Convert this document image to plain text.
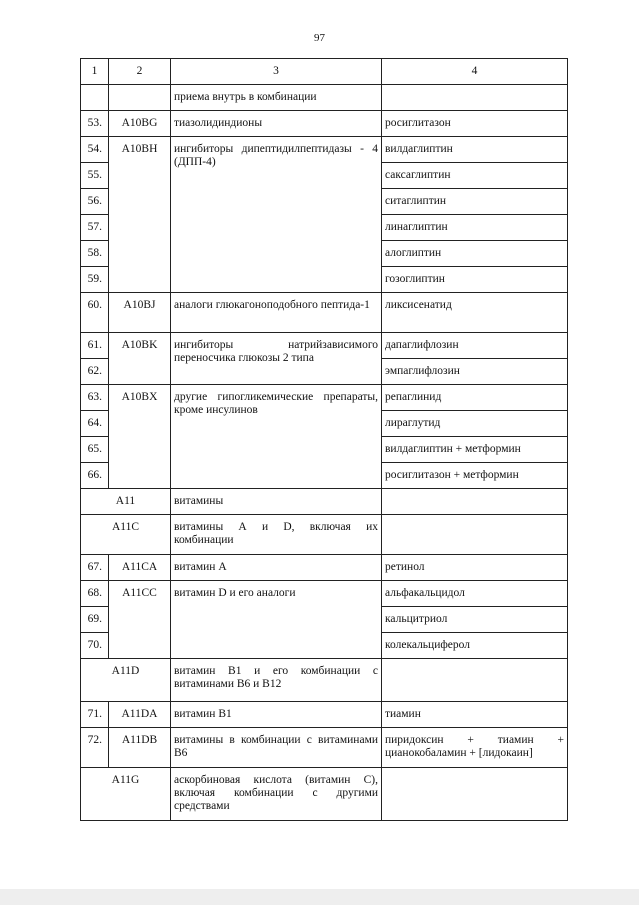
97
1	2	3	4
		приема внутрь в комбинации	
53.	A10BG	тиазолидиндионы	росиглитазон
54.	A10BH	ингибиторы дипептидилпептидазы - 4 (ДПП-4)	вилдаглиптин
55.			саксаглиптин
56.			ситаглиптин
57.			линаглиптин
58.			алоглиптин
59.			гозоглиптин
60.	A10BJ	аналоги глюкагоноподобного пептида-1	ликсисенатид
61.	A10BK	ингибиторы натрийзависимого переносчика глюкозы 2 типа	дапаглифлозин
62.			эмпаглифлозин
63.	A10BX	другие гипогликемические препараты, кроме инсулинов	репаглинид
64.			лираглутид
65.			вилдаглиптин + метформин
66.			росиглитазон + метформин
A11		витамины	
A11C		витамины А и D, включая их комбинации	
67.	A11CA	витамин А	ретинол
68.	A11CC	витамин D и его аналоги	альфакальцидол
69.			кальцитриол
70.			колекальциферол
A11D		витамин B1 и его комбинации с витаминами B6 и B12	
71.	A11DA	витамин B1	тиамин
72.	A11DB	витамины в комбинации с витаминами B6	пиридоксин + тиамин + цианокобаламин + [лидокаин]
A11G		аскорбиновая кислота (витамин С), включая комбинации с другими средствами	
